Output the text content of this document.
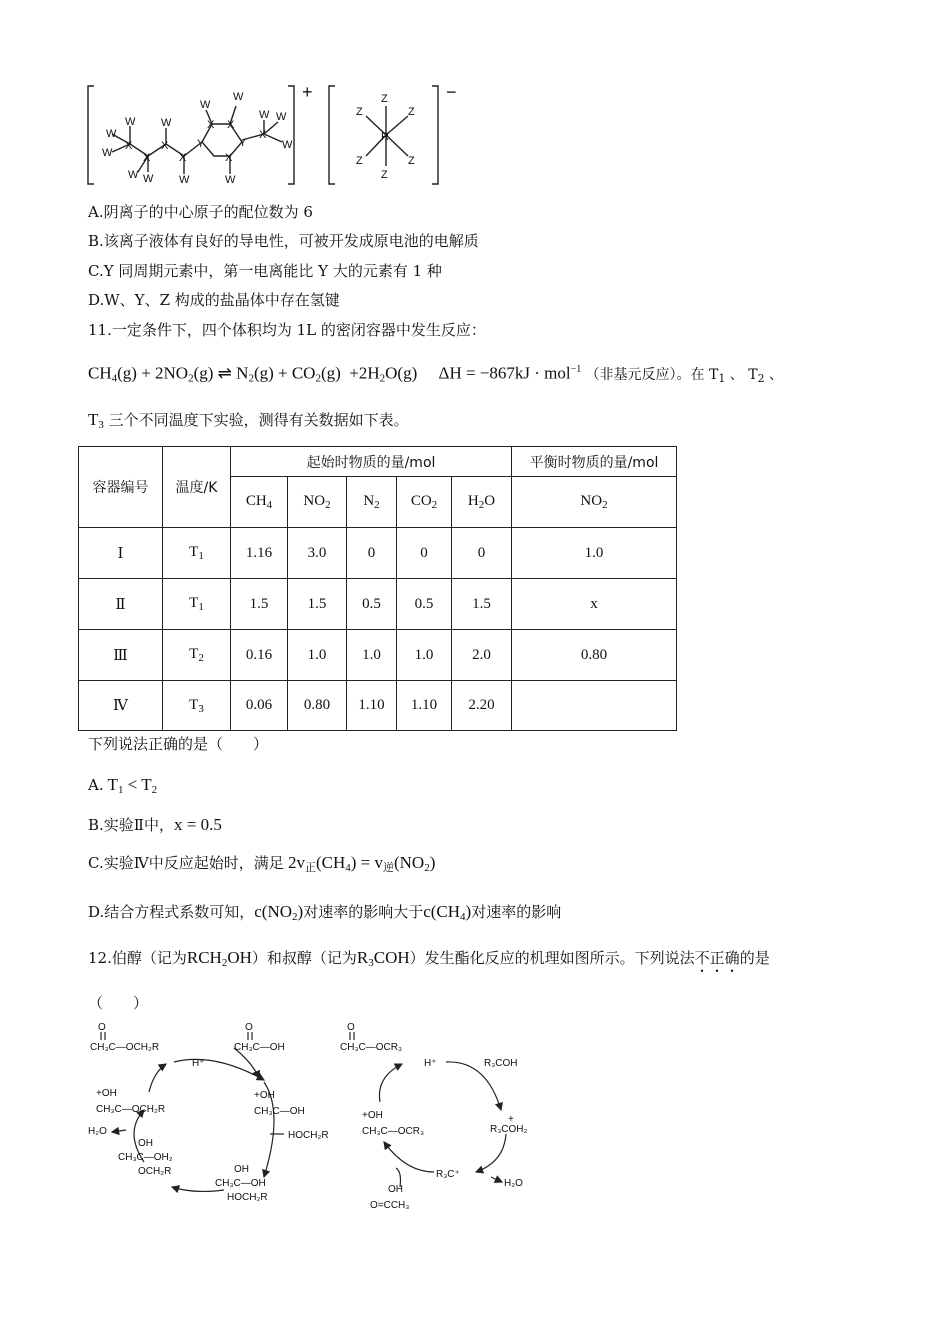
+	−
X
W
W
W
X
X
X
Y
X X
Y
X
X
W
W
W
W	W
W
W
W
W
W
R
Z
Z
Z	Z
Z	Z
A.阴离子的中心原子的配位数为 6
B.该离子液体有良好的导电性，可被开发成原电池的电解质
C.Y 同周期元素中，第一电离能比 Y 大的元素有 1 种
D.W、Y、Z 构成的盐晶体中存在氢键
11.一定条件下，四个体积均为 1L 的密闭容器中发生反应：
$CH_4(g) + 2NO_2(g)$ ⇌ $N_2(g) + CO_2(g) +2H_2O(g)$     ΔH = −867kJ · mol$^{-1}$ （非基元反应）。在 $T_1$ 、 $T_2$ 、
$T_3$ 三个不同温度下实验，测得有关数据如下表。
容器编号	温度/K	起始时物质的量/mol					平衡时物质的量/mol
		$CH_4$	$NO_2$	$N_2$	$CO_2$	$H_2O$	$NO_2$
Ⅰ	$T_1$	1.16	3.0	0	0	0	1.0
Ⅱ	$T_1$	1.5	1.5	0.5	0.5	1.5	x
Ⅲ	$T_2$	0.16	1.0	1.0	1.0	2.0	0.80
Ⅳ	$T_3$	0.06	0.80	1.10	1.10	2.20	
下列说法正确的是（　　）
A. $T_1 < T_2$
B.实验Ⅱ中，x = 0.5
C.实验Ⅳ中反应起始时，满足 $2v_正(CH_4) = v_逆(NO_2)$
D.结合方程式系数可知，$c(NO_2)$对速率的影响大于$c(CH_4)$对速率的影响
12.伯醇（记为$RCH_2OH$）和叔醇（记为$R_3COH$）发生酯化反应的机理如图所示。下列说法不正确的是
（　　）
O
CH₃C—OCH₂R
O
CH₃C—OH
H⁺
+OH
CH₃C—OH
HOCH₂R
OH
CH₃C—OH
HOCH₂R
OH
CH₃C—OH₂
OCH₂R
+OH
CH₃C—OCH₂R
H₂O
O
CH₃C—OCR₃
H⁺	R₃COH
+
R₃COH₂
R₃C⁺
H₂O
+OH
CH₃C—OCR₃
OH
O=CCH₃
